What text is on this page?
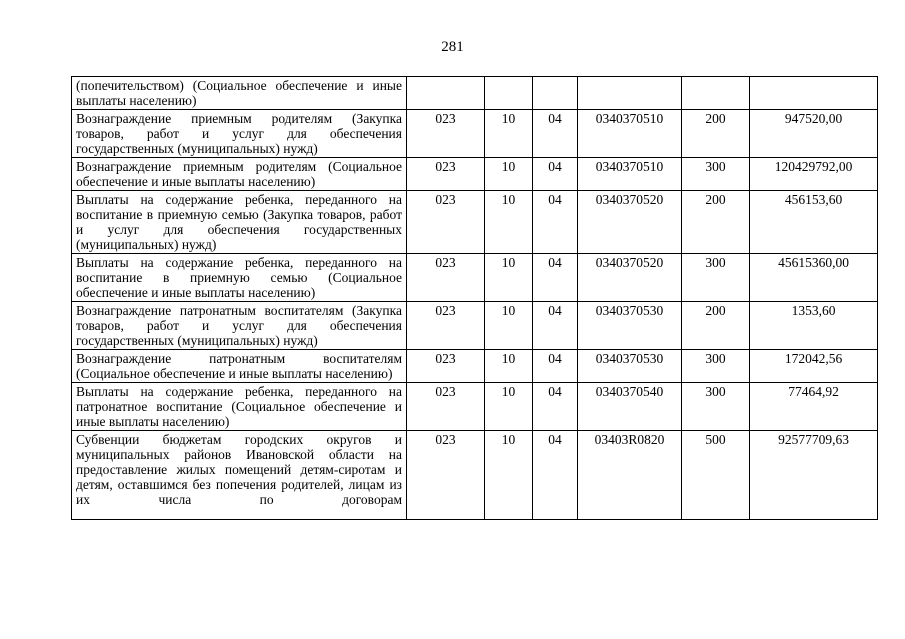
281
(попечительством) (Социальное обеспечение и иные выплаты населению)						
Вознаграждение приемным родителям (Закупка товаров, работ и услуг для обеспечения государственных (муниципальных) нужд)	023	10	04	0340370510	200	947520,00
Вознаграждение приемным родителям (Социальное обеспечение и иные выплаты населению)	023	10	04	0340370510	300	120429792,00
Выплаты на содержание ребенка, переданного на воспитание в приемную семью (Закупка товаров, работ и услуг для обеспечения государственных (муниципальных) нужд)	023	10	04	0340370520	200	456153,60
Выплаты на содержание ребенка, переданного на воспитание в приемную семью (Социальное обеспечение и иные выплаты населению)	023	10	04	0340370520	300	45615360,00
Вознаграждение патронатным воспитателям (Закупка товаров, работ и услуг для обеспечения государственных (муниципальных) нужд)	023	10	04	0340370530	200	1353,60
Вознаграждение патронатным воспитателям (Социальное обеспечение и иные выплаты населению)	023	10	04	0340370530	300	172042,56
Выплаты на содержание ребенка, переданного на патронатное воспитание (Социальное обеспечение и иные выплаты населению)	023	10	04	0340370540	300	77464,92
Субвенции бюджетам городских округов и муниципальных районов Ивановской области на предоставление жилых помещений детям-сиротам и детям, оставшимся без попечения родителей, лицам из их числа по договорам	023	10	04	03403R0820	500	92577709,63
